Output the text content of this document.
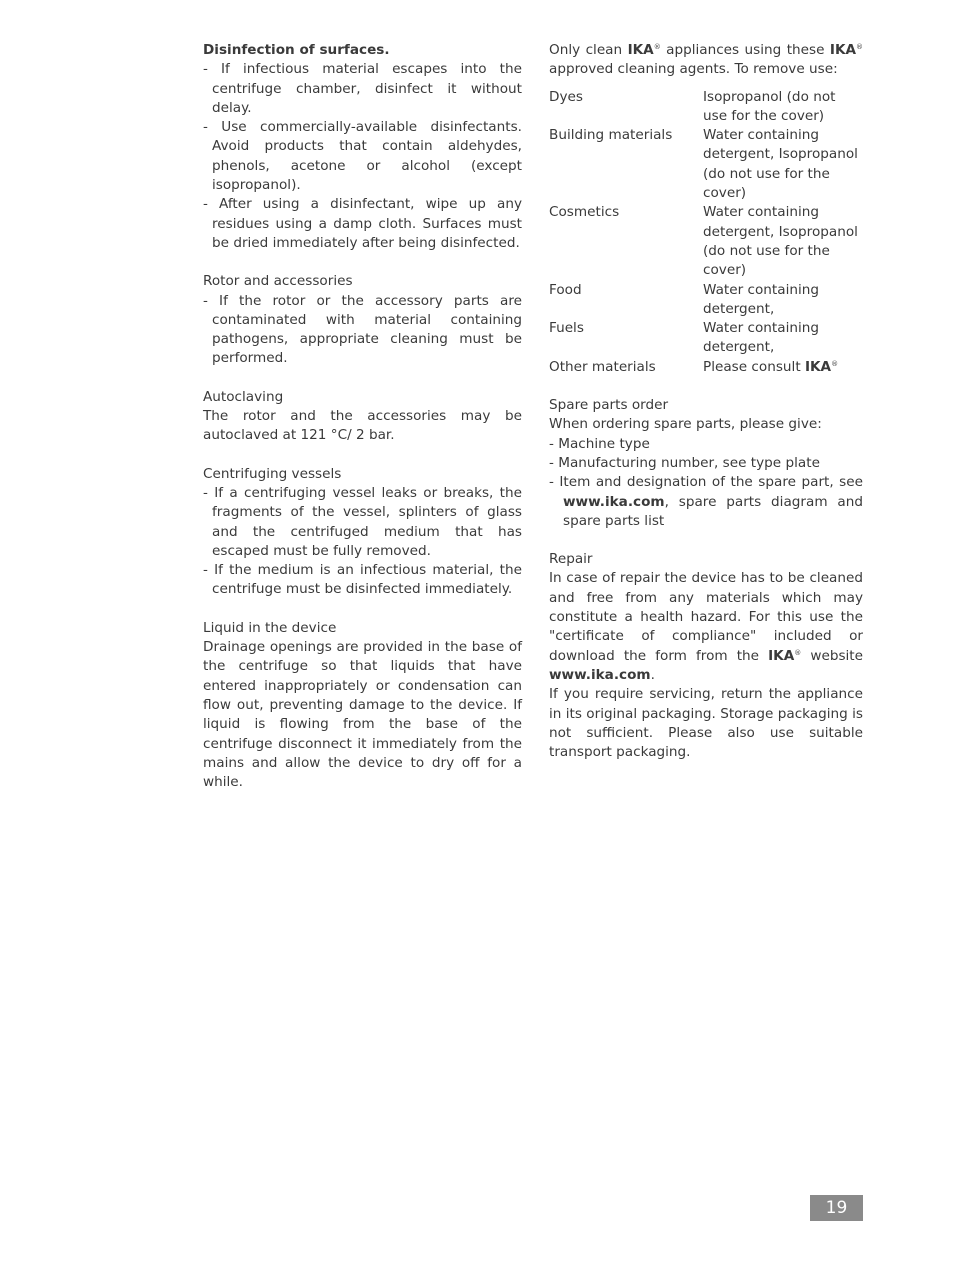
Disinfection of surfaces.

- If infectious material escapes into the centrifuge chamber, disinfect it without delay.

- Use commercially-available disinfectants. Avoid products that contain aldehydes, phenols, acetone or alcohol (except isopropanol).

- After using a disinfectant, wipe up any residues using a damp cloth. Surfaces must be dried immediately after being disinfected.

Rotor and accessories

- If the rotor or the accessory parts are contaminated with material containing pathogens, appropriate cleaning must be performed.

Autoclaving

The rotor and the accessories may be autoclaved at 121 °C/ 2 bar.

Centrifuging vessels

- If a centrifuging vessel leaks or breaks, the fragments of the vessel, splinters of glass and the centrifuged medium that has escaped must be fully removed.

- If the medium is an infectious material, the centrifuge must be disinfected immediately.

Liquid in the device

Drainage openings are provided in the base of the centrifuge so that liquids that have entered inappropriately or condensation can flow out, preventing damage to the device. If liquid is flowing from the base of the centrifuge disconnect it immediately from the mains and allow the device to dry off for a while.

Only clean IKA® appliances using these IKA® approved cleaning agents. To remove use:

Dyes	Isopropanol (do not use for the cover)
Building materials	Water containing detergent, Isopropanol (do not use for the cover)
Cosmetics	Water containing detergent, Isopropanol (do not use for the cover)
Food	Water containing detergent,
Fuels	Water containing detergent,
Other materials	Please consult IKA®

Spare parts order

When ordering spare parts, please give:

- Machine type

- Manufacturing number, see type plate

- Item and designation of the spare part, see www.ika.com, spare parts diagram and spare parts list

Repair

In case of repair the device has to be cleaned and free from any materials which may constitute a health hazard. For this use the "certificate of compliance" included or download the form from the IKA® website www.ika.com.

If you require servicing, return the appliance in its original packaging. Storage packaging is not sufficient. Please also use suitable transport packaging.

19
